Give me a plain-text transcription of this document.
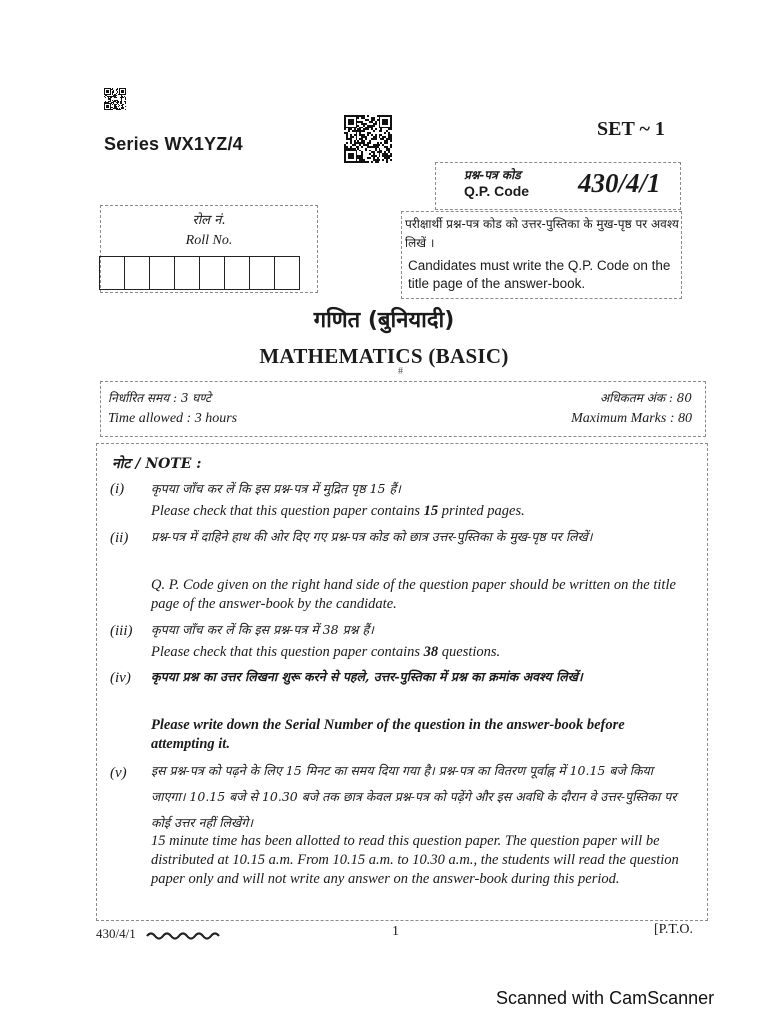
Series WX1YZ/4
SET ~ 1
प्रश्न-पत्र कोड
Q.P. Code 430/4/1
रोल नं.
Roll No.
परीक्षार्थी प्रश्न-पत्र कोड को उत्तर-पुस्तिका के मुख-पृष्ठ पर अवश्य लिखें ।
Candidates must write the Q.P. Code on the title page of the answer-book.
गणित (बुनियादी)
MATHEMATICS (BASIC)
#
निर्धारित समय : 3 घण्टे
Time allowed : 3 hours
अधिकतम अंक : 80
Maximum Marks : 80
नोट / NOTE :
(i)	कृपया जाँच कर लें कि इस प्रश्न-पत्र में मुद्रित पृष्ठ 15 हैं।
Please check that this question paper contains 15 printed pages.
(ii)	प्रश्न-पत्र में दाहिने हाथ की ओर दिए गए प्रश्न-पत्र कोड को छात्र उत्तर-पुस्तिका के मुख-पृष्ठ पर लिखें।
Q. P. Code given on the right hand side of the question paper should be written on the title page of the answer-book by the candidate.
(iii)	कृपया जाँच कर लें कि इस प्रश्न-पत्र में 38 प्रश्न हैं।
Please check that this question paper contains 38 questions.
(iv)	कृपया प्रश्न का उत्तर लिखना शुरू करने से पहले, उत्तर-पुस्तिका में प्रश्न का क्रमांक अवश्य लिखें।
Please write down the Serial Number of the question in the answer-book before attempting it.
(v)	इस प्रश्न-पत्र को पढ़ने के लिए 15 मिनट का समय दिया गया है। प्रश्न-पत्र का वितरण पूर्वाह्न में 10.15 बजे किया जाएगा। 10.15 बजे से 10.30 बजे तक छात्र केवल प्रश्न-पत्र को पढ़ेंगे और इस अवधि के दौरान वे उत्तर-पुस्तिका पर कोई उत्तर नहीं लिखेंगे।
15 minute time has been allotted to read this question paper. The question paper will be distributed at 10.15 a.m. From 10.15 a.m. to 10.30 a.m., the students will read the question paper only and will not write any answer on the answer-book during this period.
430/4/1	1	[P.T.O.
Scanned with CamScanner
